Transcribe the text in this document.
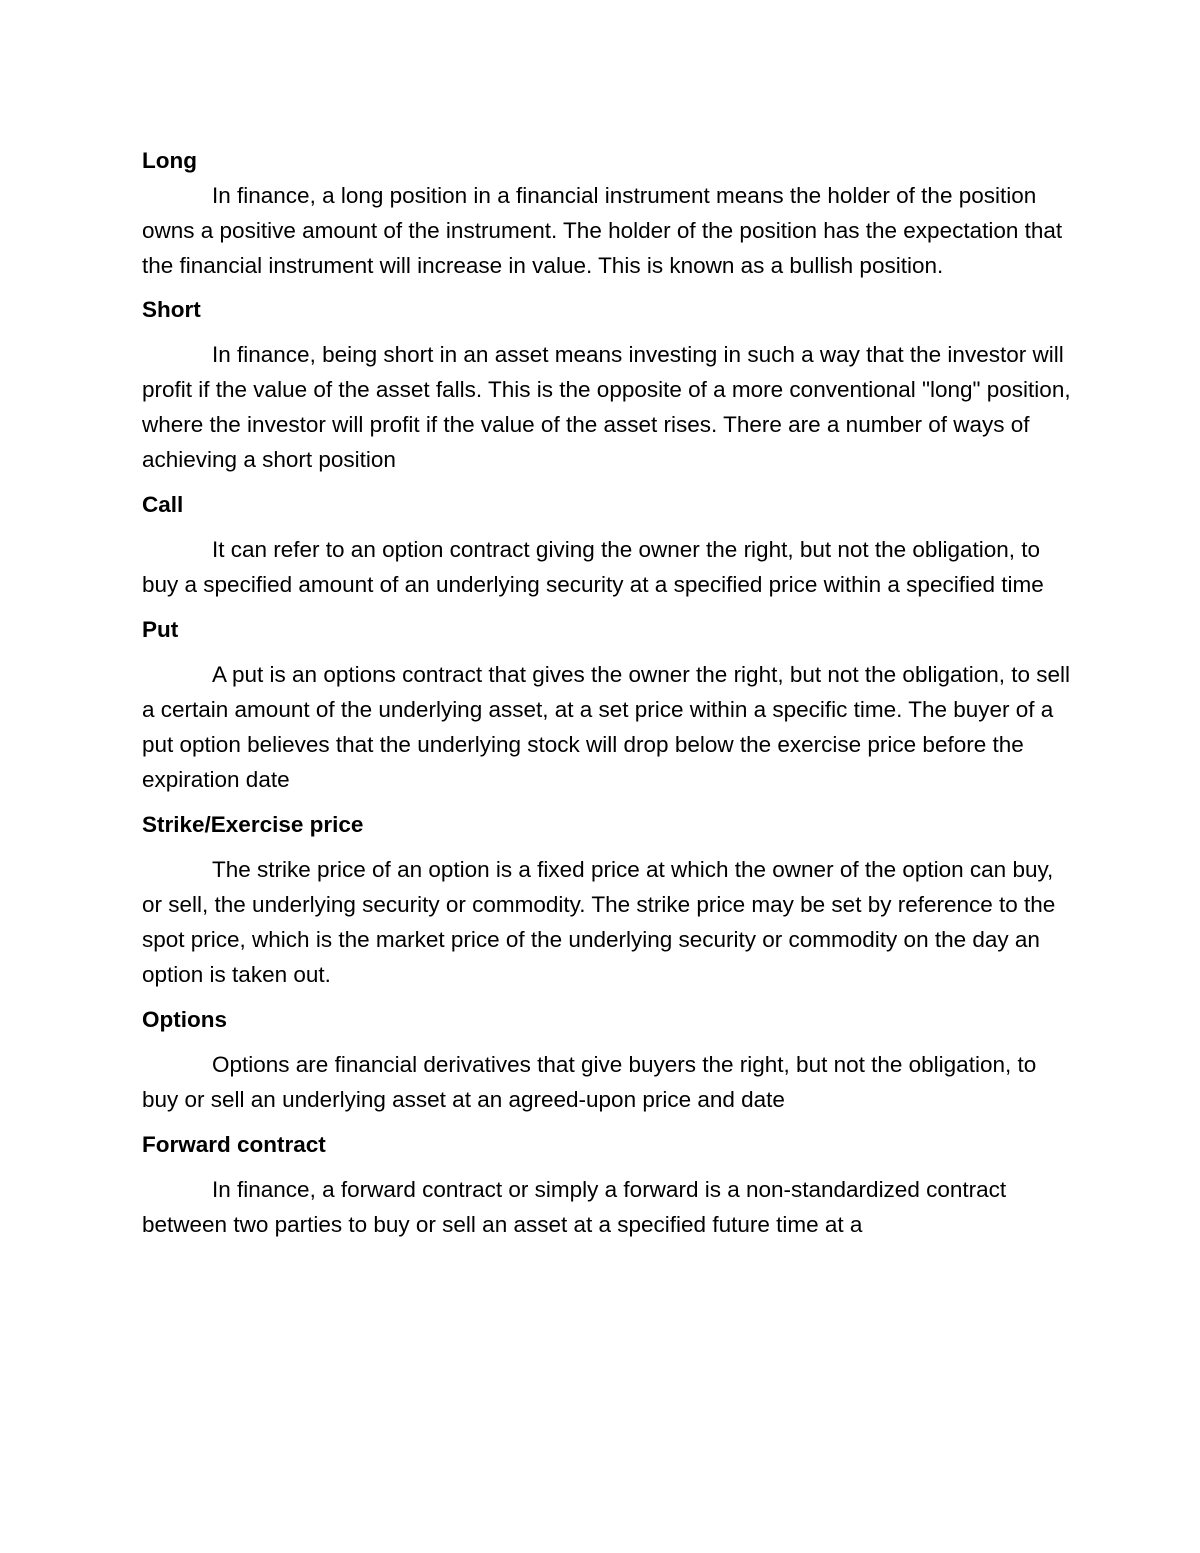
Long

In finance, a long position in a financial instrument means the holder of the position owns a positive amount of the instrument. The holder of the position has the expectation that the financial instrument will increase in value. This is known as a bullish position.

Short

In finance, being short in an asset means investing in such a way that the investor will profit if the value of the asset falls. This is the opposite of a more conventional "long" position, where the investor will profit if the value of the asset rises. There are a number of ways of achieving a short position

Call

It can refer to an option contract giving the owner the right, but not the obligation, to buy a specified amount of an underlying security at a specified price within a specified time

Put

A put is an options contract that gives the owner the right, but not the obligation, to sell a certain amount of the underlying asset, at a set price within a specific time. The buyer of a put option believes that the underlying stock will drop below the exercise price before the expiration date

Strike/Exercise price

The strike price of an option is a fixed price at which the owner of the option can buy, or sell, the underlying security or commodity. The strike price may be set by reference to the spot price, which is the market price of the underlying security or commodity on the day an option is taken out.

Options

Options are financial derivatives that give buyers the right, but not the obligation, to buy or sell an underlying asset at an agreed-upon price and date

Forward contract

In finance, a forward contract or simply a forward is a non-standardized contract between two parties to buy or sell an asset at a specified future time at a
